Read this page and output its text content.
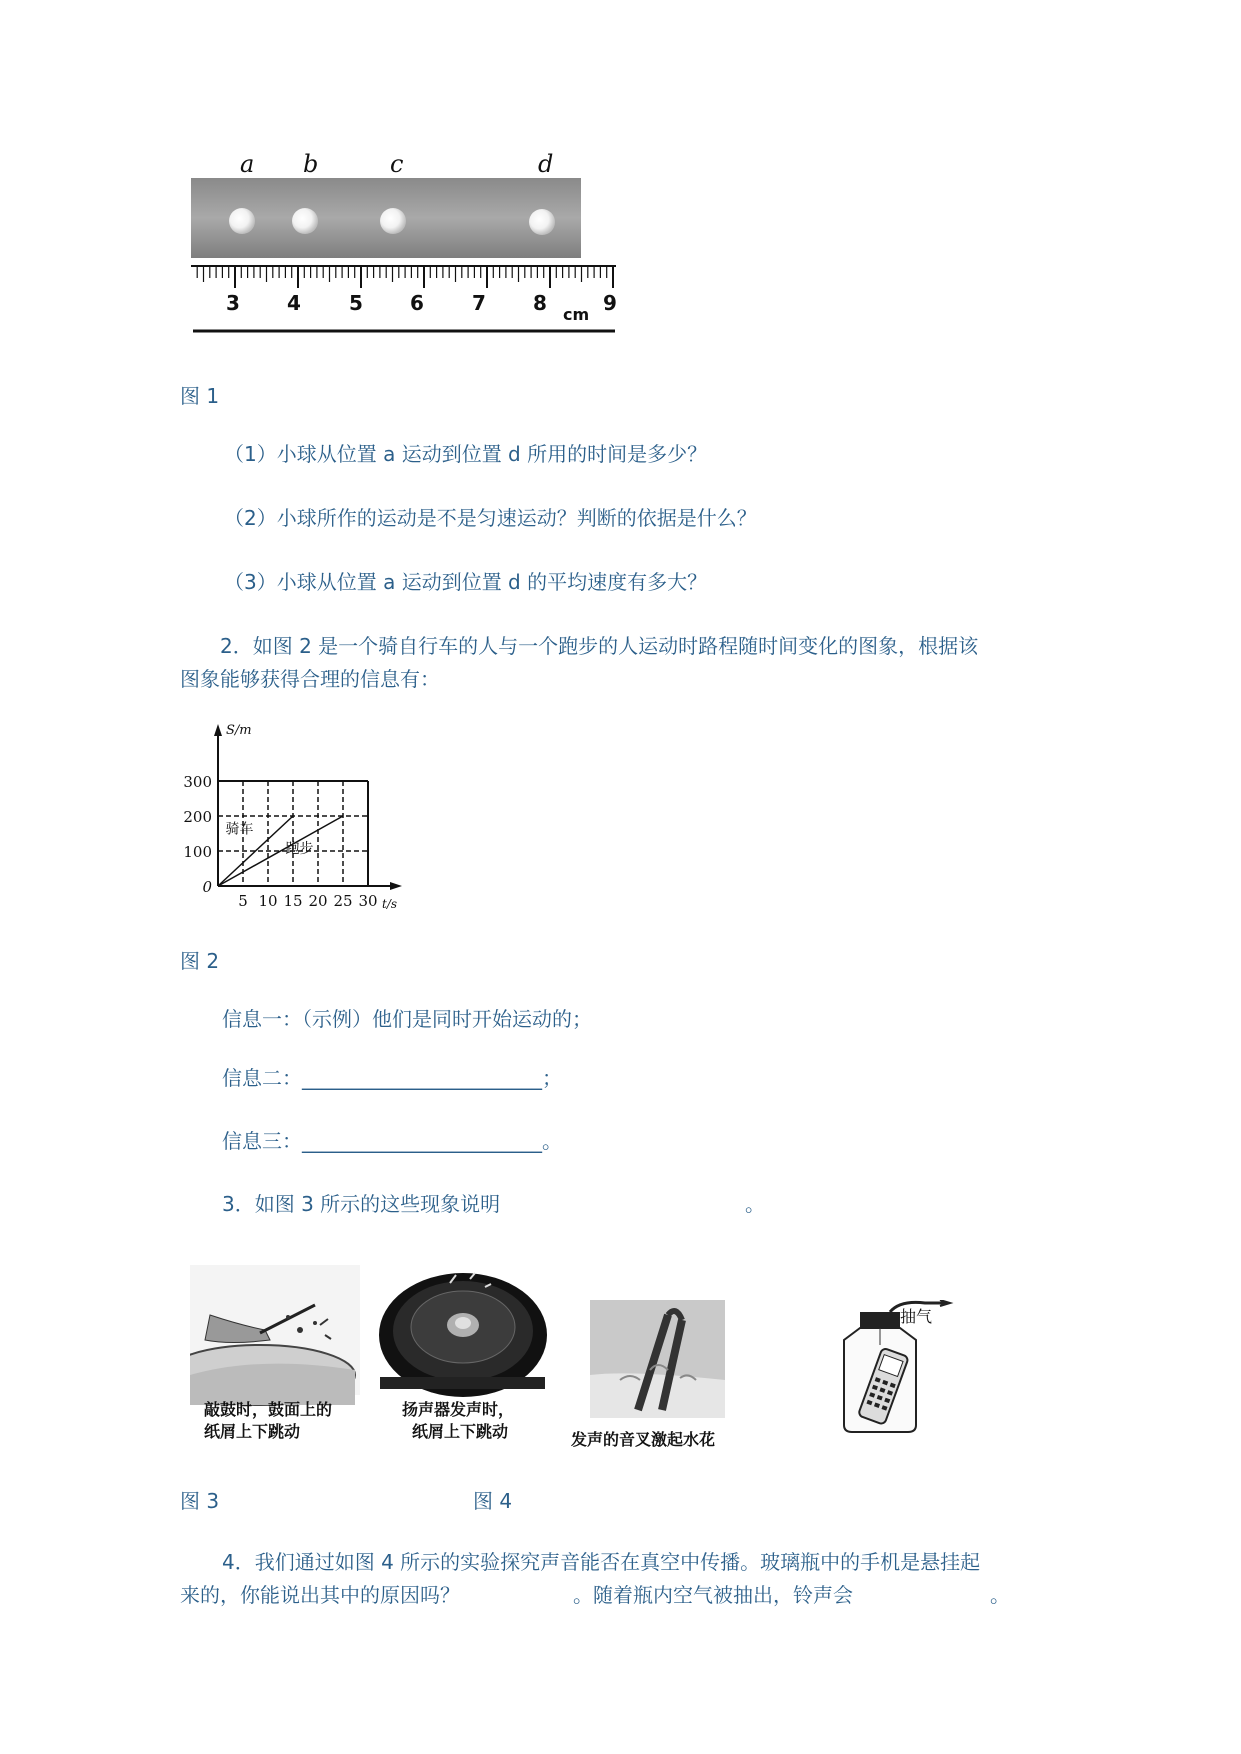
a b	c	d
3 4 5 6 7 8 cm 9
图 1
（1）小球从位置 a 运动到位置 d 所用的时间是多少？
（2）小球所作的运动是不是匀速运动？判断的依据是什么？
（3）小球从位置 a 运动到位置 d 的平均速度有多大？
2．如图 2 是一个骑自行车的人与一个跑步的人运动时路程随时间变化的图象，根据该
图象能够获得合理的信息有：
S/m
t/s
骑车
跑步
0
100
200
300
5 10 15 20 25 30
图 2
信息一：（示例）他们是同时开始运动的；
信息二：________________________；
信息三：________________________。
3．如图 3 所示的这些现象说明	。
敲鼓时，鼓面上的
纸屑上下跳动
扬声器发声时，
纸屑上下跳动	发声的音叉激起水花
抽气
图 3	图 4
4．我们通过如图 4 所示的实验探究声音能否在真空中传播。玻璃瓶中的手机是悬挂起
来的，你能说出其中的原因吗？	。随着瓶内空气被抽出，铃声会	。
